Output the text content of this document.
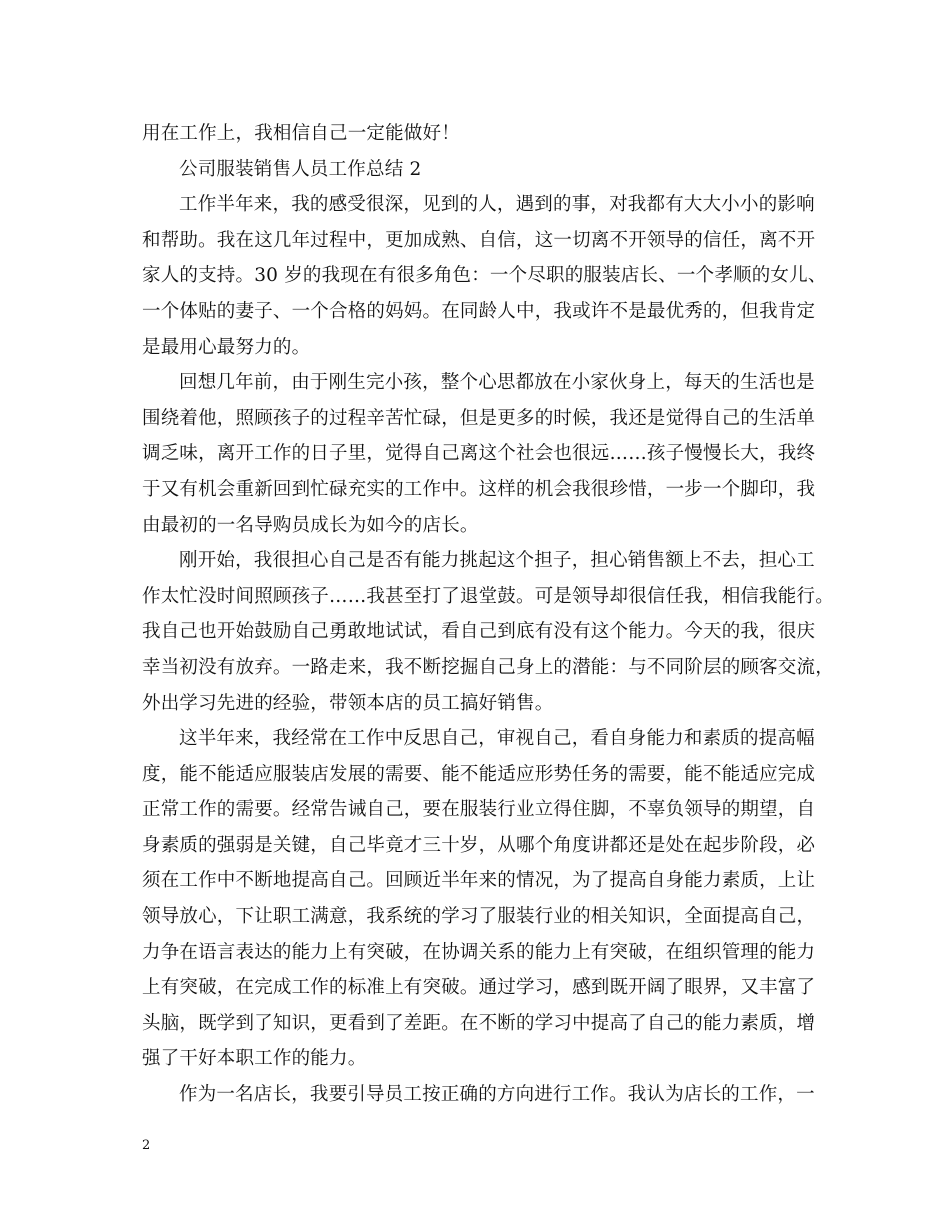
用在工作上，我相信自己一定能做好！
公司服装销售人员工作总结 2
工作半年来，我的感受很深，见到的人，遇到的事，对我都有大大小小的影响
和帮助。我在这几年过程中，更加成熟、自信，这一切离不开领导的信任，离不开
家人的支持。30 岁的我现在有很多角色：一个尽职的服装店长、一个孝顺的女儿、
一个体贴的妻子、一个合格的妈妈。在同龄人中，我或许不是最优秀的，但我肯定
是最用心最努力的。
回想几年前，由于刚生完小孩，整个心思都放在小家伙身上，每天的生活也是
围绕着他，照顾孩子的过程辛苦忙碌，但是更多的时候，我还是觉得自己的生活单
调乏味，离开工作的日子里，觉得自己离这个社会也很远……孩子慢慢长大，我终
于又有机会重新回到忙碌充实的工作中。这样的机会我很珍惜，一步一个脚印，我
由最初的一名导购员成长为如今的店长。
刚开始，我很担心自己是否有能力挑起这个担子，担心销售额上不去，担心工
作太忙没时间照顾孩子……我甚至打了退堂鼓。可是领导却很信任我，相信我能行。
我自己也开始鼓励自己勇敢地试试，看自己到底有没有这个能力。今天的我，很庆
幸当初没有放弃。一路走来，我不断挖掘自己身上的潜能：与不同阶层的顾客交流，
外出学习先进的经验，带领本店的员工搞好销售。
这半年来，我经常在工作中反思自己，审视自己，看自身能力和素质的提高幅
度，能不能适应服装店发展的需要、能不能适应形势任务的需要，能不能适应完成
正常工作的需要。经常告诫自己，要在服装行业立得住脚，不辜负领导的期望，自
身素质的强弱是关键，自己毕竟才三十岁，从哪个角度讲都还是处在起步阶段，必
须在工作中不断地提高自己。回顾近半年来的情况，为了提高自身能力素质，上让
领导放心，下让职工满意，我系统的学习了服装行业的相关知识，全面提高自己，
力争在语言表达的能力上有突破，在协调关系的能力上有突破，在组织管理的能力
上有突破，在完成工作的标准上有突破。通过学习，感到既开阔了眼界，又丰富了
头脑，既学到了知识，更看到了差距。在不断的学习中提高了自己的能力素质，增
强了干好本职工作的能力。
作为一名店长，我要引导员工按正确的方向进行工作。我认为店长的工作，一
2
